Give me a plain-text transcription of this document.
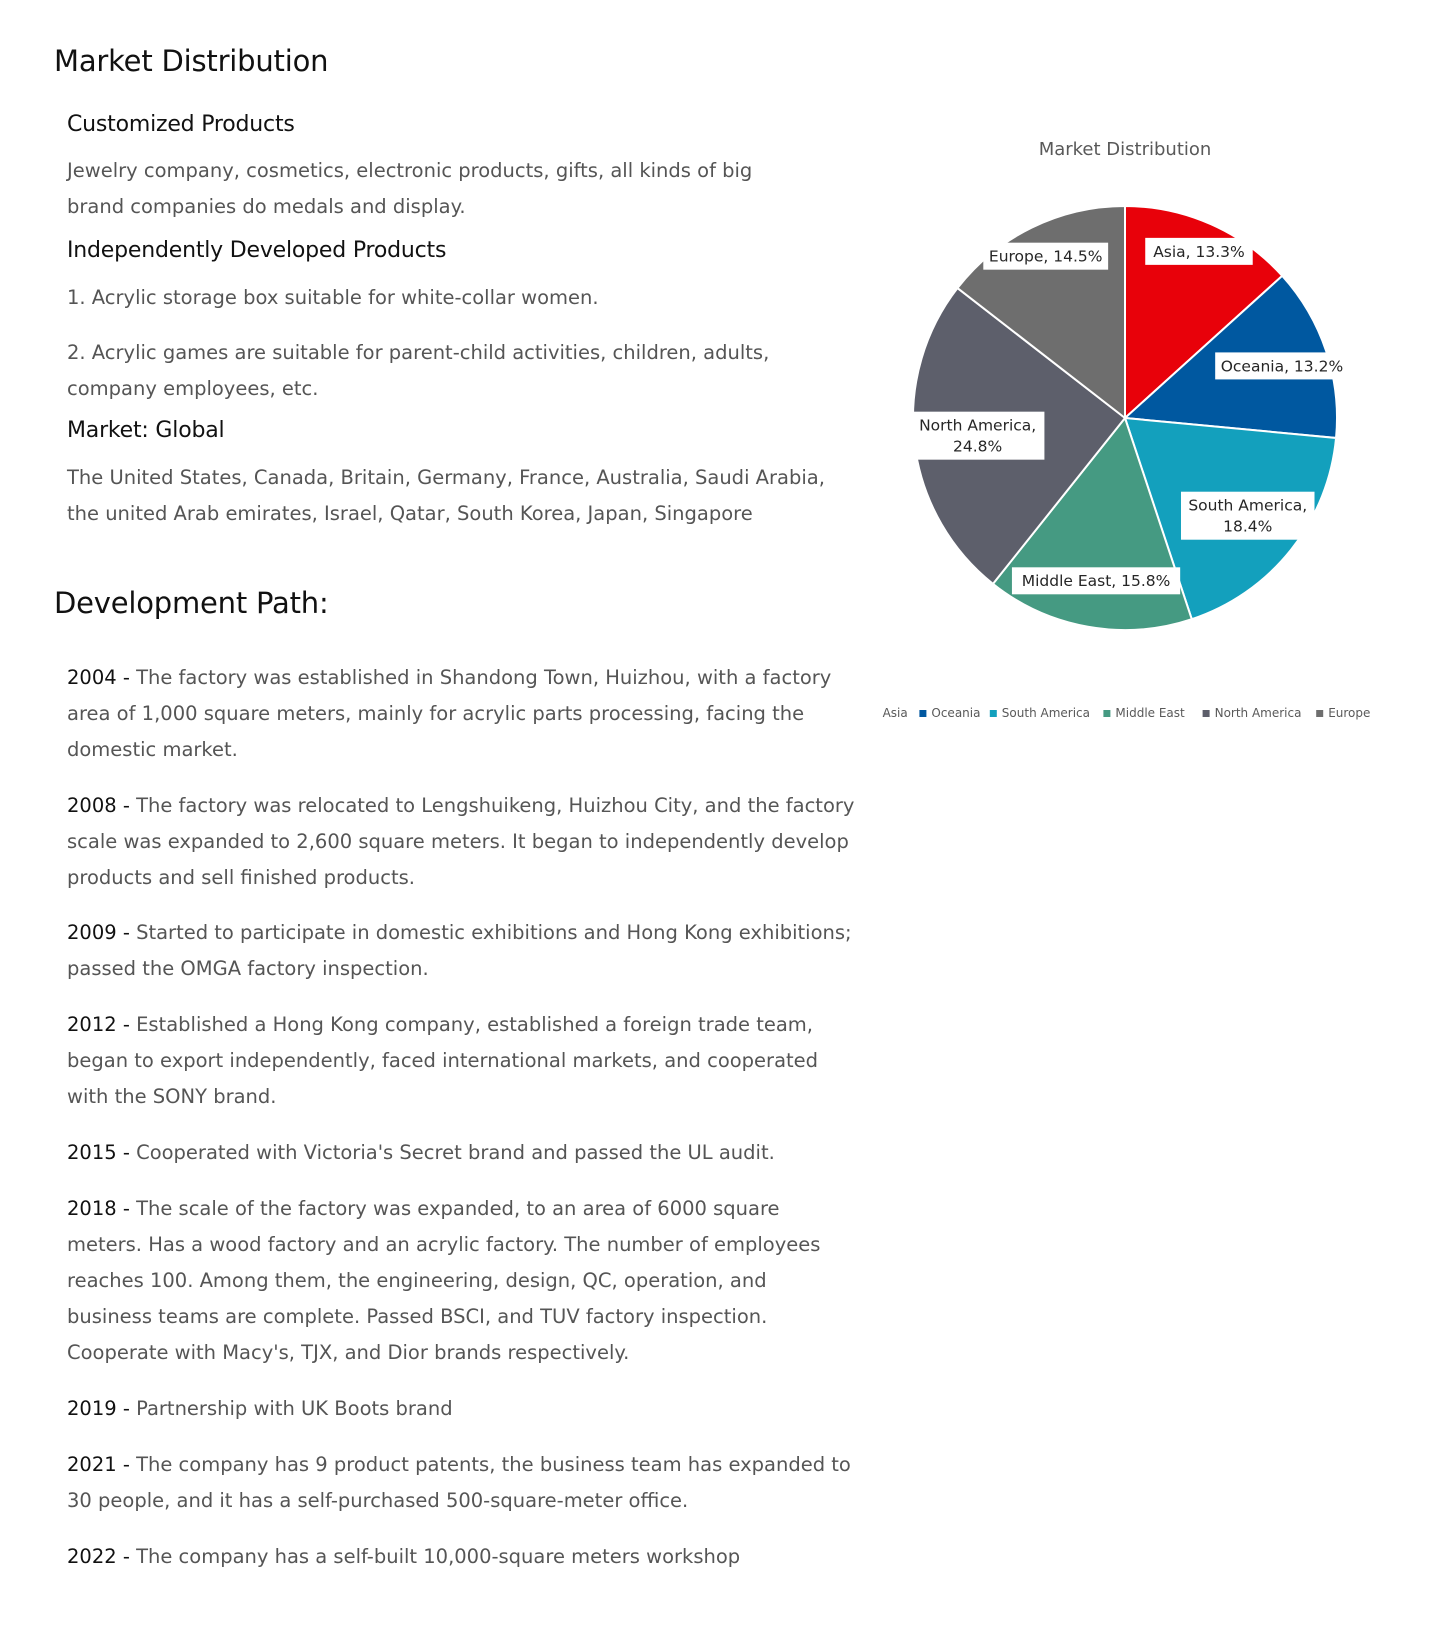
Market Distribution
Customized Products

Jewelry company, cosmetics, electronic products, gifts, all kinds of big brand companies do medals and display.

Independently Developed Products

1. Acrylic storage box suitable for white-collar women.

2. Acrylic games are suitable for parent-child activities, children, adults, company employees, etc.

Market: Global

The United States, Canada, Britain, Germany, France, Australia, Saudi Arabia, the united Arab emirates, Israel, Qatar, South Korea, Japan, Singapore

Development Path:

2004 - The factory was established in Shandong Town, Huizhou, with a factory area of 1,000 square meters, mainly for acrylic parts processing, facing the domestic market.

2008 - The factory was relocated to Lengshuikeng, Huizhou City, and the factory scale was expanded to 2,600 square meters. It began to independently develop products and sell finished products.

2009 - Started to participate in domestic exhibitions and Hong Kong exhibitions; passed the OMGA factory inspection.

2012 - Established a Hong Kong company, established a foreign trade team, began to export independently, faced international markets, and cooperated with the SONY brand.

2015 - Cooperated with Victoria's Secret brand and passed the UL audit.

2018 - The scale of the factory was expanded, to an area of 6000 square meters. Has a wood factory and an acrylic factory. The number of employees reaches 100. Among them, the engineering, design, QC, operation, and business teams are complete. Passed BSCI, and TUV factory inspection. Cooperate with Macy's, TJX, and Dior brands respectively.

2019 - Partnership with UK Boots brand

2021 - The company has 9 product patents, the business team has expanded to 30 people, and it has a self-purchased 500-square-meter office.

2022 - The company has a self-built 10,000-square meters workshop

Market Distribution
Asia, 13.3%
Oceania, 13.2%
South America,
18.4%
Middle East, 15.8%
North America,
24.8%
Europe, 14.5%
Asia Oceania South America Middle East North America Europe
